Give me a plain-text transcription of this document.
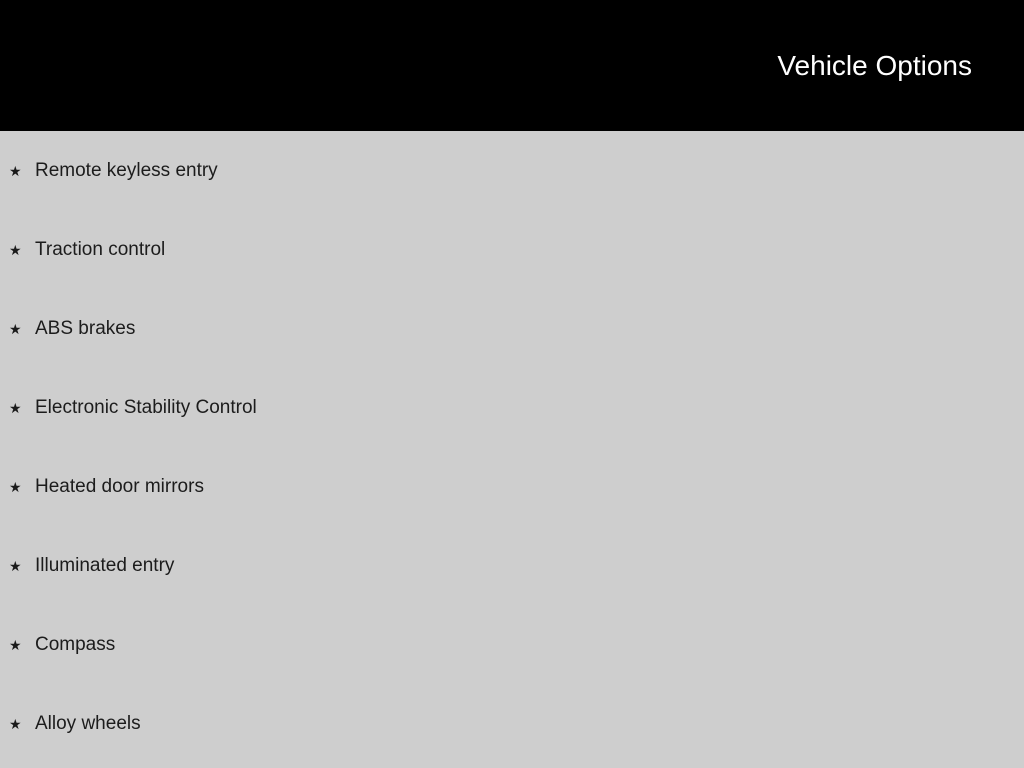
Vehicle Options
★ Remote keyless entry
★ Traction control
★ ABS brakes
★ Electronic Stability Control
★ Heated door mirrors
★ Illuminated entry
★ Compass
★ Alloy wheels
